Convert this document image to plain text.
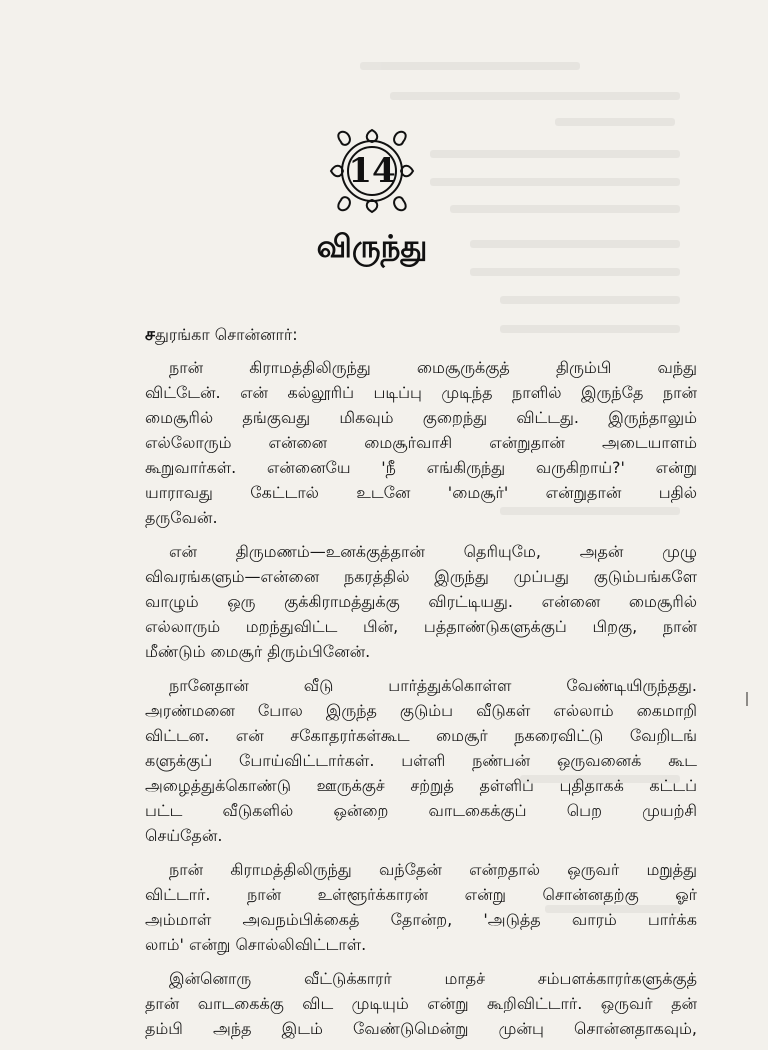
14
விருந்து
சதுரங்கா சொன்னார்:
நான் கிராமத்திலிருந்து மைசூருக்குத் திரும்பி வந்து
விட்டேன். என் கல்லூரிப் படிப்பு முடிந்த நாளில் இருந்தே நான்
மைசூரில் தங்குவது மிகவும் குறைந்து விட்டது. இருந்தாலும்
எல்லோரும் என்னை மைசூர்வாசி என்றுதான் அடையாளம்
கூறுவார்கள். என்னையே 'நீ எங்கிருந்து வருகிறாய்?' என்று
யாராவது கேட்டால் உடனே 'மைசூர்' என்றுதான் பதில்
தருவேன்.
என் திருமணம்—உனக்குத்தான் தெரியுமே, அதன் முழு
விவரங்களும்—என்னை நகரத்தில் இருந்து முப்பது குடும்பங்களே
வாழும் ஒரு குக்கிராமத்துக்கு விரட்டியது. என்னை மைசூரில்
எல்லாரும் மறந்துவிட்ட பின், பத்தாண்டுகளுக்குப் பிறகு, நான்
மீண்டும் மைசூர் திரும்பினேன்.
நானேதான் வீடு பார்த்துக்கொள்ள வேண்டியிருந்தது.
அரண்மனை போல இருந்த குடும்ப வீடுகள் எல்லாம் கைமாறி
விட்டன. என் சகோதரர்கள்கூட மைசூர் நகரைவிட்டு வேறிடங்
களுக்குப் போய்விட்டார்கள். பள்ளி நண்பன் ஒருவனைக் கூட
அழைத்துக்கொண்டு ஊருக்குச் சற்றுத் தள்ளிப் புதிதாகக் கட்டப்
பட்ட வீடுகளில் ஒன்றை வாடகைக்குப் பெற முயற்சி
செய்தேன்.
நான் கிராமத்திலிருந்து வந்தேன் என்றதால் ஒருவர் மறுத்து
விட்டார். நான் உள்ளூர்க்காரன் என்று சொன்னதற்கு ஓர்
அம்மாள் அவநம்பிக்கைத் தோன்ற, 'அடுத்த வாரம் பார்க்க
லாம்' என்று சொல்லிவிட்டாள்.
இன்னொரு வீட்டுக்காரர் மாதச் சம்பளக்காரர்களுக்குத்
தான் வாடகைக்கு விட முடியும் என்று கூறிவிட்டார். ஒருவர் தன்
தம்பி அந்த இடம் வேண்டுமென்று முன்பு சொன்னதாகவும்,
